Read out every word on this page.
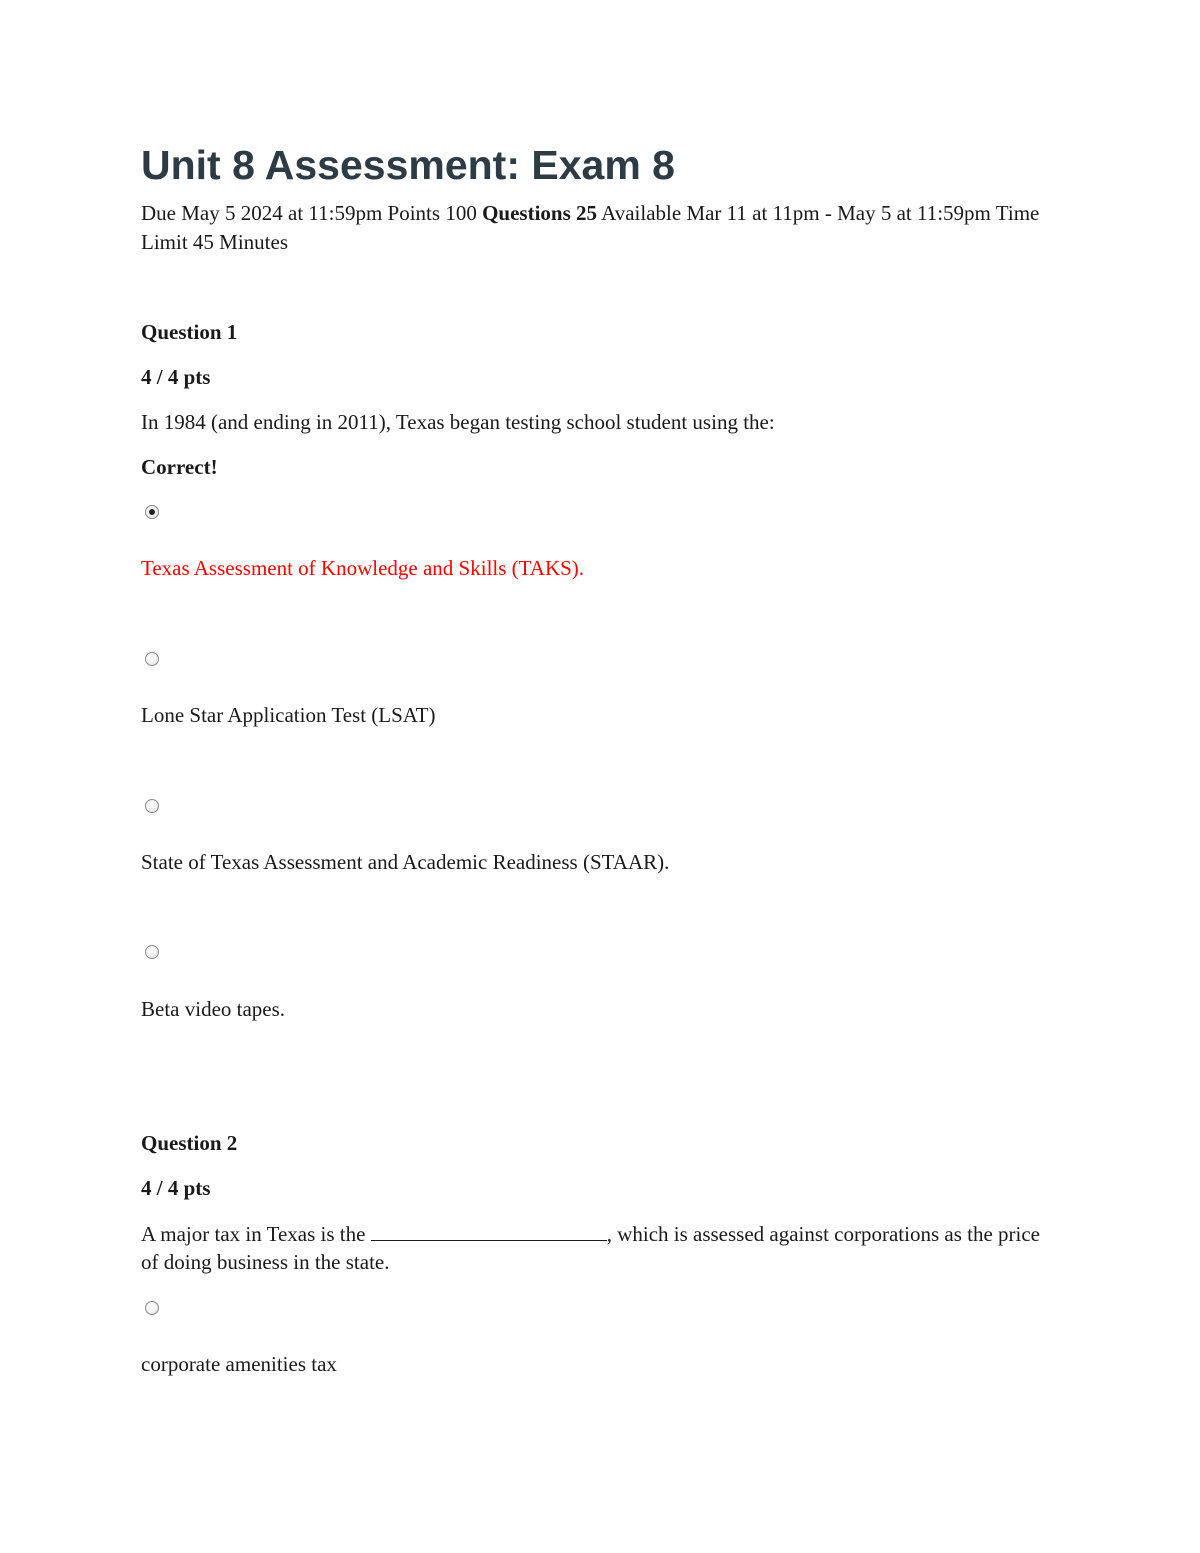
Unit 8 Assessment: Exam 8
Due May 5 2024 at 11:59pm Points 100 Questions 25 Available Mar 11 at 11pm - May 5 at 11:59pm Time Limit 45 Minutes
Question 1
4 / 4 pts
In 1984 (and ending in 2011), Texas began testing school student using the:
Correct!
Texas Assessment of Knowledge and Skills (TAKS).
Lone Star Application Test (LSAT)
State of Texas Assessment and Academic Readiness (STAAR).
Beta video tapes.
Question 2
4 / 4 pts
A major tax in Texas is the	, which is assessed against corporations as the price of doing business in the state.
corporate amenities tax
